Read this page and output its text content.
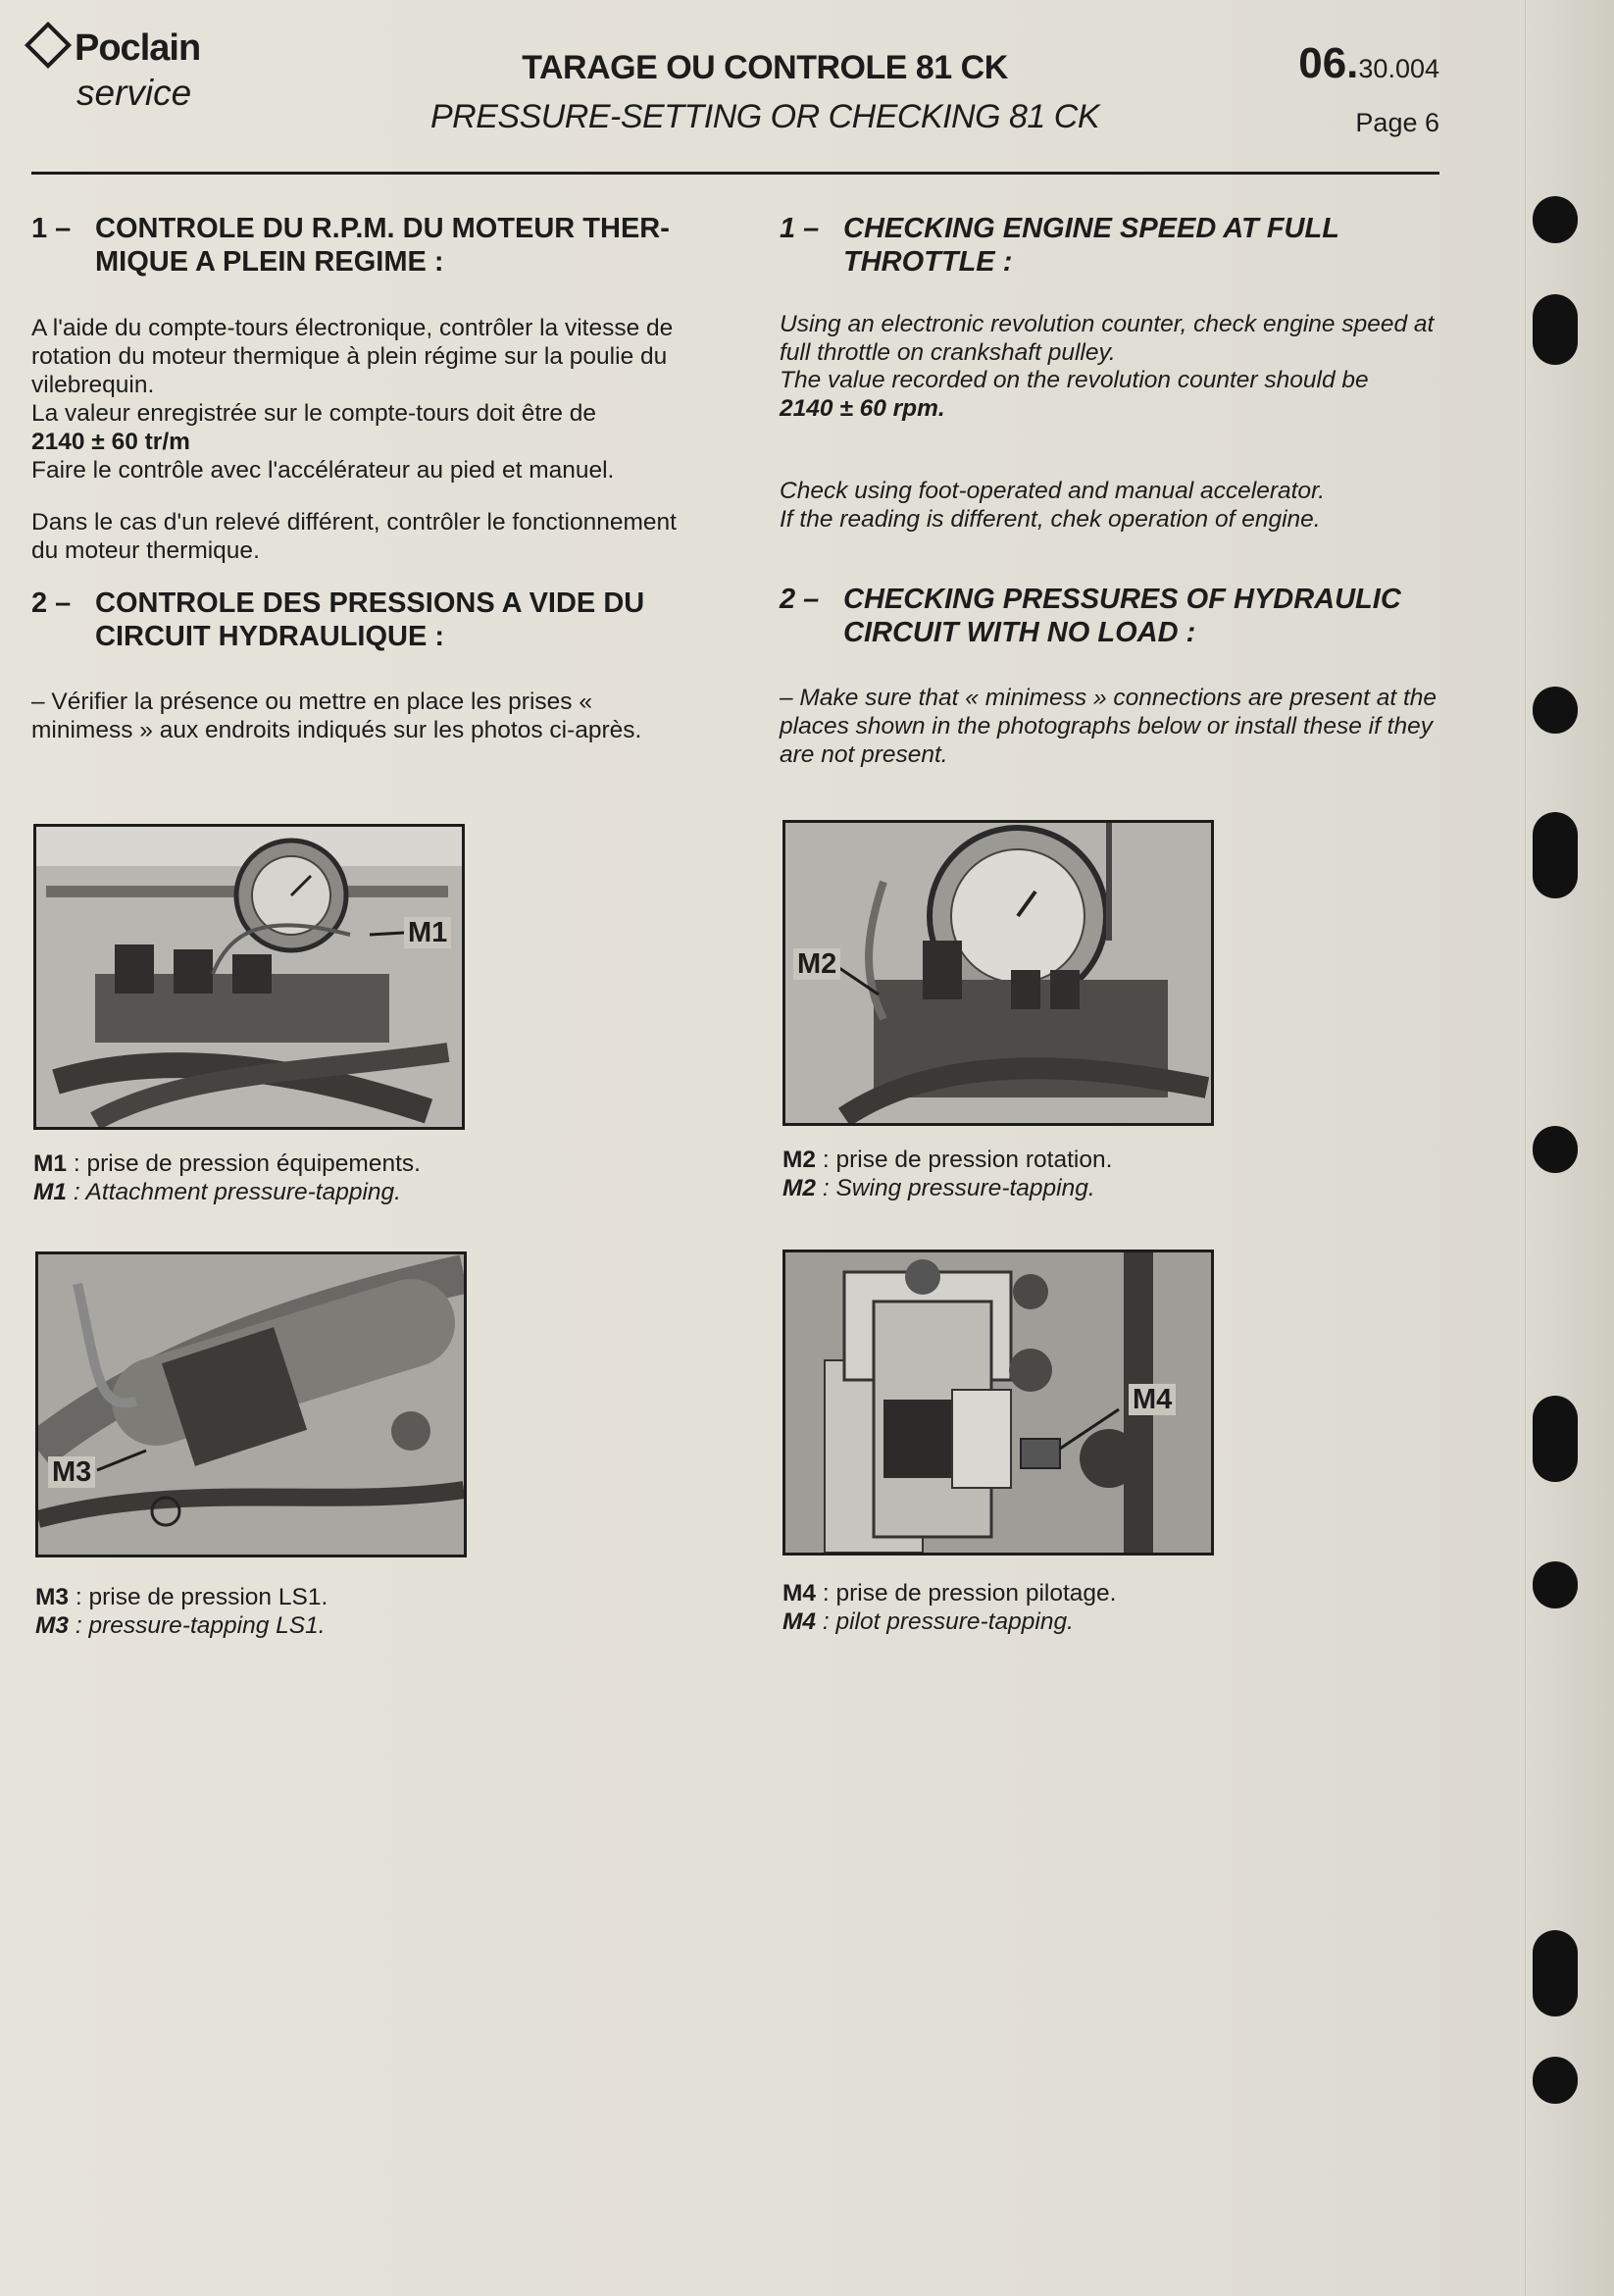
Poclain
service
TARAGE OU CONTROLE 81 CK
PRESSURE-SETTING OR CHECKING 81 CK
06.30.004
Page 6
1 – CONTROLE DU R.P.M. DU MOTEUR THER-MIQUE A PLEIN REGIME :
A l'aide du compte-tours électronique, contrôler la vitesse de rotation du moteur thermique à plein régime sur la poulie du vilebrequin.
La valeur enregistrée sur le compte-tours doit être de
2140 ± 60 tr/m
Faire le contrôle avec l'accélérateur au pied et manuel.
Dans le cas d'un relevé différent, contrôler le fonctionnement du moteur thermique.
2 – CONTROLE DES PRESSIONS A VIDE DU CIRCUIT HYDRAULIQUE :
– Vérifier la présence ou mettre en place les prises « minimess » aux endroits indiqués sur les photos ci-après.
1 – CHECKING ENGINE SPEED AT FULL THROTTLE :
Using an electronic revolution counter, check engine speed at full throttle on crankshaft pulley.
The value recorded on the revolution counter should be
2140 ± 60 rpm.
Check using foot-operated and manual accelerator.
If the reading is different, chek operation of engine.
2 – CHECKING PRESSURES OF HYDRAULIC CIRCUIT WITH NO LOAD :
– Make sure that « minimess » connections are present at the places shown in the photographs below or install these if they are not present.
M1
M1 : prise de pression équipements.
M1 : Attachment pressure-tapping.
M2
M2 : prise de pression rotation.
M2 : Swing pressure-tapping.
M3
M3 : prise de pression LS1.
M3 : pressure-tapping LS1.
M4
M4 : prise de pression pilotage.
M4 : pilot pressure-tapping.
